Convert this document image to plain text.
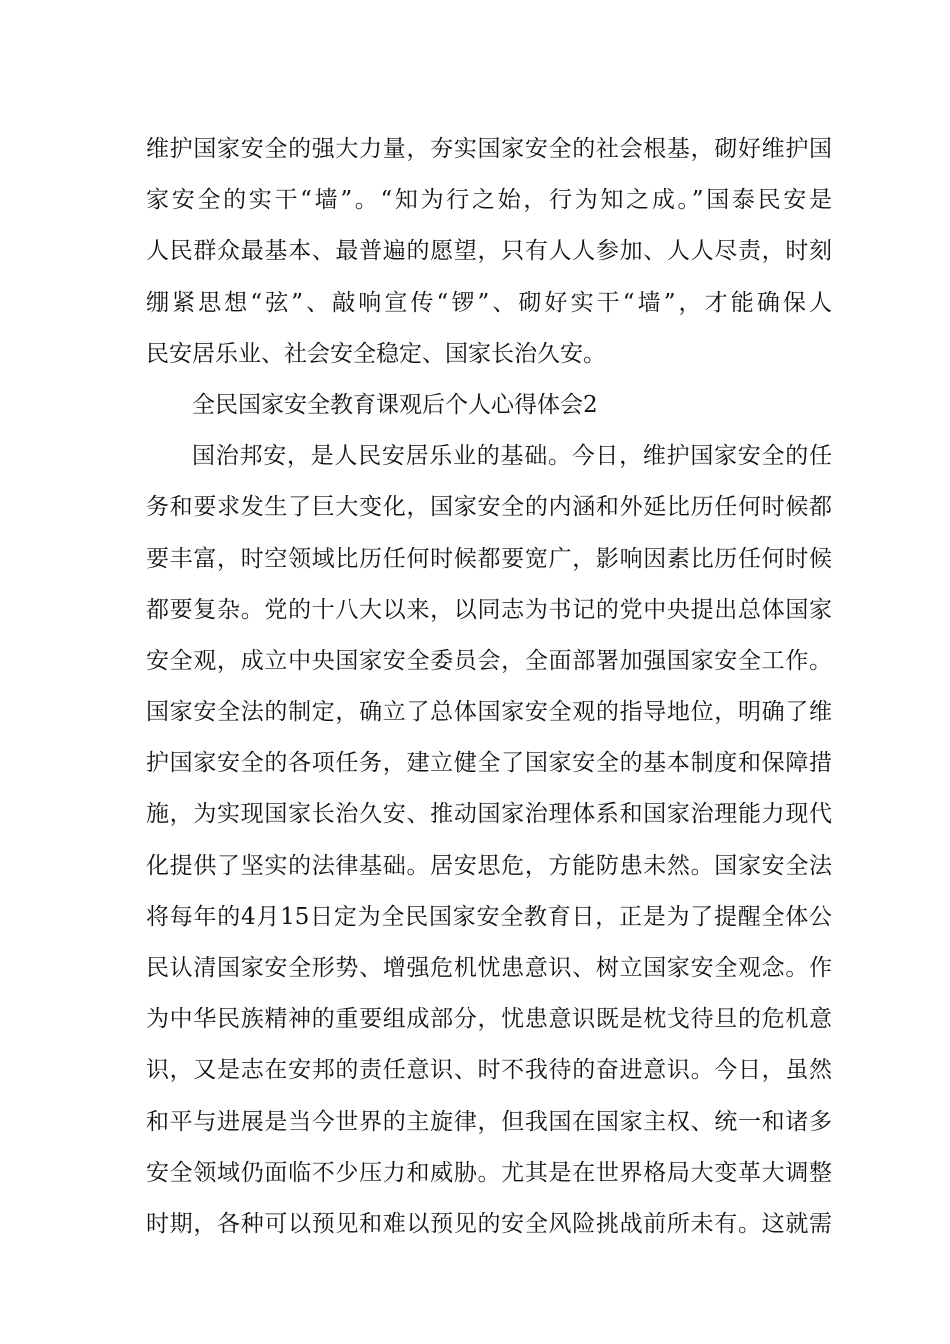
维护国家安全的强大力量，夯实国家安全的社会根基，砌好维护国
家安全的实干“墙”。“知为行之始，行为知之成。”国泰民安是
人民群众最基本、最普遍的愿望，只有人人参加、人人尽责，时刻
绷紧思想“弦”、敲响宣传“锣”、砌好实干“墙”，才能确保人
民安居乐业、社会安全稳定、国家长治久安。
全民国家安全教育课观后个人心得体会2
国治邦安，是人民安居乐业的基础。今日，维护国家安全的任
务和要求发生了巨大变化，国家安全的内涵和外延比历任何时候都
要丰富，时空领域比历任何时候都要宽广，影响因素比历任何时候
都要复杂。党的十八大以来，以同志为书记的党中央提出总体国家
安全观，成立中央国家安全委员会，全面部署加强国家安全工作。
国家安全法的制定，确立了总体国家安全观的指导地位，明确了维
护国家安全的各项任务，建立健全了国家安全的基本制度和保障措
施，为实现国家长治久安、推动国家治理体系和国家治理能力现代
化提供了坚实的法律基础。居安思危，方能防患未然。国家安全法
将每年的4月15日定为全民国家安全教育日，正是为了提醒全体公
民认清国家安全形势、增强危机忧患意识、树立国家安全观念。作
为中华民族精神的重要组成部分，忧患意识既是枕戈待旦的危机意
识，又是志在安邦的责任意识、时不我待的奋进意识。今日，虽然
和平与进展是当今世界的主旋律，但我国在国家主权、统一和诸多
安全领域仍面临不少压力和威胁。尤其是在世界格局大变革大调整
时期，各种可以预见和难以预见的安全风险挑战前所未有。这就需
